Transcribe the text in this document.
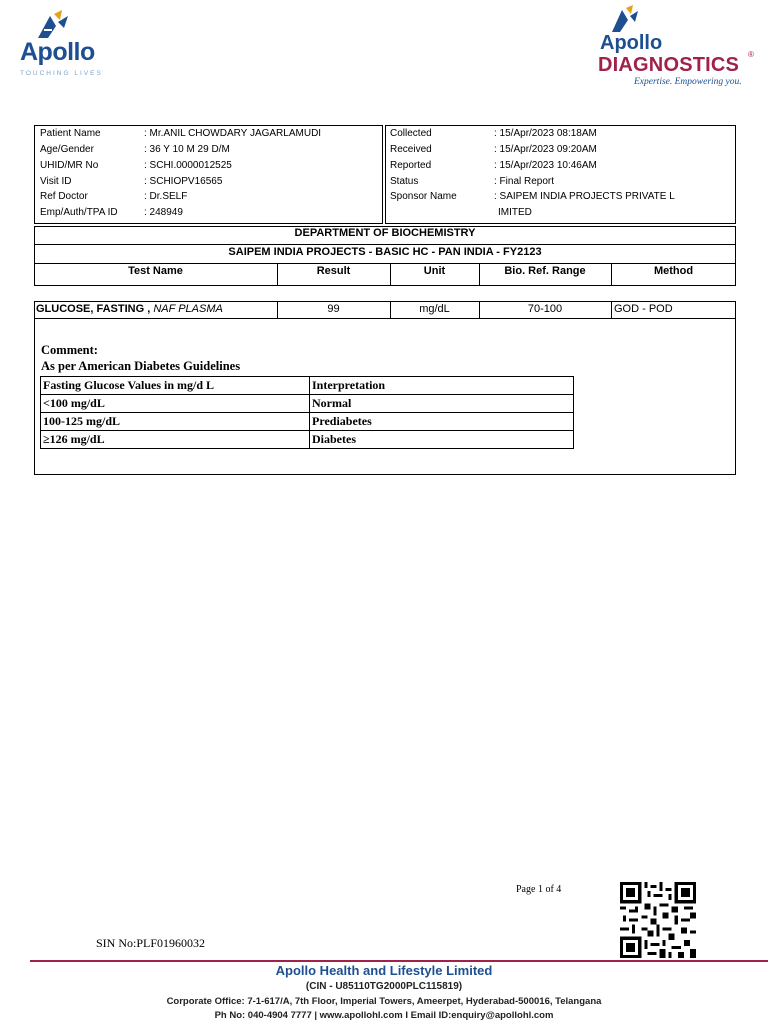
Apollo
TOUCHING LIVES
Apollo
DIAGNOSTICS ®
Expertise. Empowering you.
Patient Name	: Mr.ANIL CHOWDARY JAGARLAMUDI
Age/Gender	: 36 Y 10 M 29 D/M
UHID/MR No	: SCHI.0000012525
Visit ID	: SCHIOPV16565
Ref Doctor	: Dr.SELF
Emp/Auth/TPA ID	: 248949
Collected	: 15/Apr/2023 08:18AM
Received	: 15/Apr/2023 09:20AM
Reported	: 15/Apr/2023 10:46AM
Status	: Final Report
Sponsor Name	: SAIPEM INDIA PROJECTS PRIVATE L
IMITED
DEPARTMENT OF BIOCHEMISTRY
SAIPEM INDIA PROJECTS - BASIC HC - PAN INDIA - FY2123
Test Name	Result	Unit	Bio. Ref. Range	Method
GLUCOSE, FASTING , NAF PLASMA	99	mg/dL	70-100	GOD - POD
Comment:
As per American Diabetes Guidelines
Fasting Glucose Values in mg/d L	Interpretation
<100 mg/dL	Normal
100-125 mg/dL	Prediabetes
≥126 mg/dL	Diabetes
Page 1 of 4
SIN No:PLF01960032
Apollo Health and Lifestyle Limited
(CIN - U85110TG2000PLC115819)
Corporate Office: 7-1-617/A, 7th Floor, Imperial Towers, Ameerpet, Hyderabad-500016, Telangana
Ph No: 040-4904 7777 | www.apollohl.com I Email ID:enquiry@apollohl.com
